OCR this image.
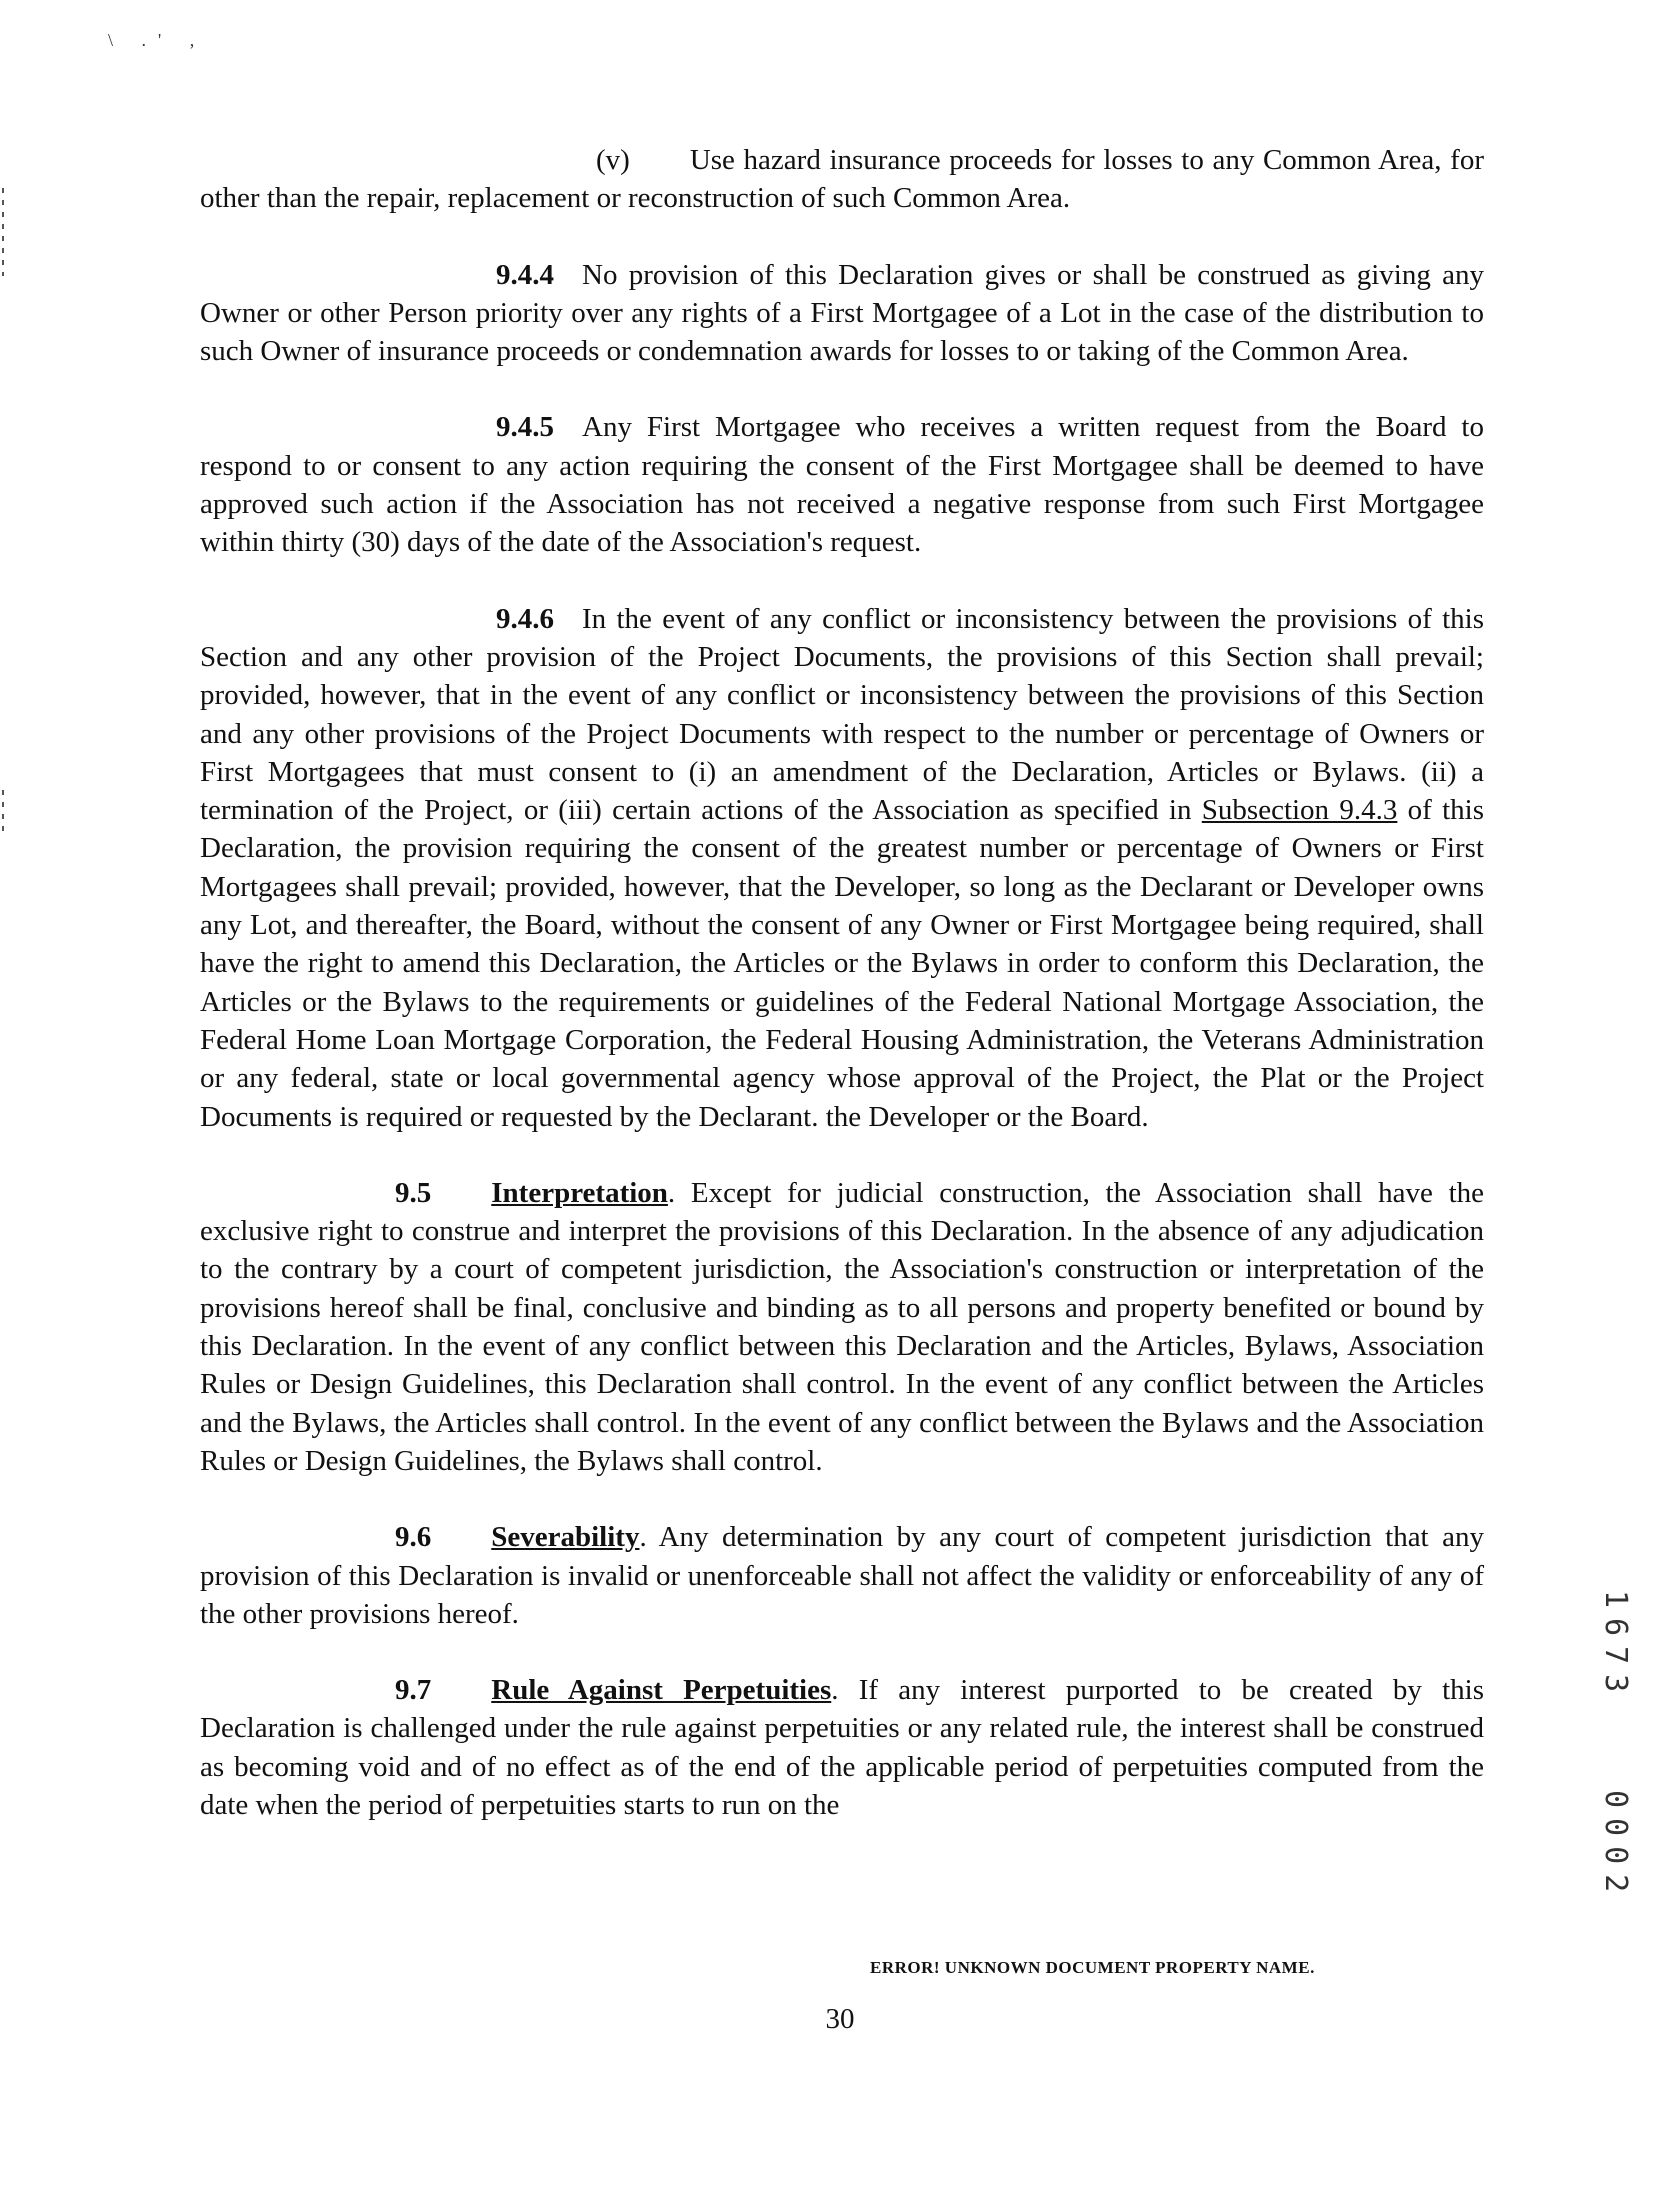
\ .' ,

(v) Use hazard insurance proceeds for losses to any Common Area, for other than the repair, replacement or reconstruction of such Common Area.

9.4.4 No provision of this Declaration gives or shall be construed as giving any Owner or other Person priority over any rights of a First Mortgagee of a Lot in the case of the distribution to such Owner of insurance proceeds or condemnation awards for losses to or taking of the Common Area.

9.4.5 Any First Mortgagee who receives a written request from the Board to respond to or consent to any action requiring the consent of the First Mortgagee shall be deemed to have approved such action if the Association has not received a negative response from such First Mortgagee within thirty (30) days of the date of the Association's request.

9.4.6 In the event of any conflict or inconsistency between the provisions of this Section and any other provision of the Project Documents, the provisions of this Section shall prevail; provided, however, that in the event of any conflict or inconsistency between the provisions of this Section and any other provisions of the Project Documents with respect to the number or percentage of Owners or First Mortgagees that must consent to (i) an amendment of the Declaration, Articles or Bylaws. (ii) a termination of the Project, or (iii) certain actions of the Association as specified in Subsection 9.4.3 of this Declaration, the provision requiring the consent of the greatest number or percentage of Owners or First Mortgagees shall prevail; provided, however, that the Developer, so long as the Declarant or Developer owns any Lot, and thereafter, the Board, without the consent of any Owner or First Mortgagee being required, shall have the right to amend this Declaration, the Articles or the Bylaws in order to conform this Declaration, the Articles or the Bylaws to the requirements or guidelines of the Federal National Mortgage Association, the Federal Home Loan Mortgage Corporation, the Federal Housing Administration, the Veterans Administration or any federal, state or local governmental agency whose approval of the Project, the Plat or the Project Documents is required or requested by the Declarant. the Developer or the Board.

9.5 Interpretation. Except for judicial construction, the Association shall have the exclusive right to construe and interpret the provisions of this Declaration. In the absence of any adjudication to the contrary by a court of competent jurisdiction, the Association's construction or interpretation of the provisions hereof shall be final, conclusive and binding as to all persons and property benefited or bound by this Declaration. In the event of any conflict between this Declaration and the Articles, Bylaws, Association Rules or Design Guidelines, this Declaration shall control. In the event of any conflict between the Articles and the Bylaws, the Articles shall control. In the event of any conflict between the Bylaws and the Association Rules or Design Guidelines, the Bylaws shall control.

9.6 Severability. Any determination by any court of competent jurisdiction that any provision of this Declaration is invalid or unenforceable shall not affect the validity or enforceability of any of the other provisions hereof.

9.7 Rule Against Perpetuities. If any interest purported to be created by this Declaration is challenged under the rule against perpetuities or any related rule, the interest shall be construed as becoming void and of no effect as of the end of the applicable period of perpetuities computed from the date when the period of perpetuities starts to run on the

ERROR! UNKNOWN DOCUMENT PROPERTY NAME.
30
1673 0002
